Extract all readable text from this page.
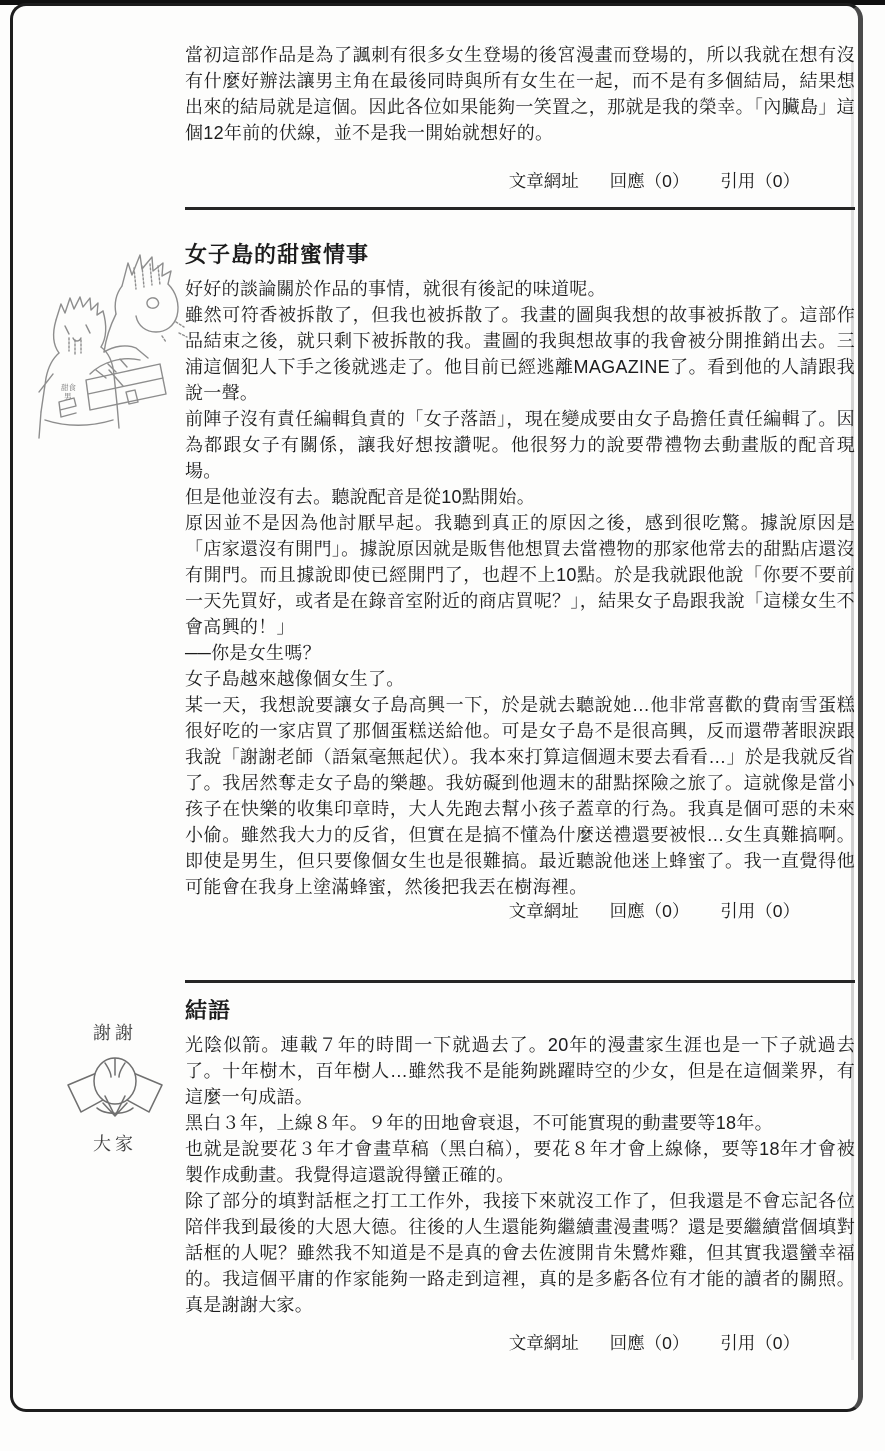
當初這部作品是為了諷刺有很多女生登場的後宮漫畫而登場的，所以我就在想有沒有什麼好辦法讓男主角在最後同時與所有女生在一起，而不是有多個結局，結果想出來的結局就是這個。因此各位如果能夠一笑置之，那就是我的榮幸。「內臟島」這個12年前的伏線，並不是我一開始就想好的。

文章網址 回應（0） 引用（0）
甜食
男
女子島的甜蜜情事

好好的談論關於作品的事情，就很有後記的味道呢。

雖然可符香被拆散了，但我也被拆散了。我畫的圖與我想的故事被拆散了。這部作品結束之後，就只剩下被拆散的我。畫圖的我與想故事的我會被分開推銷出去。三浦這個犯人下手之後就逃走了。他目前已經逃離MAGAZINE了。看到他的人請跟我說一聲。

前陣子沒有責任編輯負責的「女子落語」，現在變成要由女子島擔任責任編輯了。因為都跟女子有關係，讓我好想按讚呢。他很努力的說要帶禮物去動畫版的配音現場。

但是他並沒有去。聽說配音是從10點開始。

原因並不是因為他討厭早起。我聽到真正的原因之後，感到很吃驚。據說原因是「店家還沒有開門」。據說原因就是販售他想買去當禮物的那家他常去的甜點店還沒有開門。而且據說即使已經開門了，也趕不上10點。於是我就跟他說「你要不要前一天先買好，或者是在錄音室附近的商店買呢？」，結果女子島跟我說「這樣女生不會高興的！」

──你是女生嗎？

女子島越來越像個女生了。

某一天，我想說要讓女子島高興一下，於是就去聽說她…他非常喜歡的費南雪蛋糕很好吃的一家店買了那個蛋糕送給他。可是女子島不是很高興，反而還帶著眼淚跟我說「謝謝老師（語氣毫無起伏）。我本來打算這個週末要去看看…」於是我就反省了。我居然奪走女子島的樂趣。我妨礙到他週末的甜點探險之旅了。這就像是當小孩子在快樂的收集印章時，大人先跑去幫小孩子蓋章的行為。我真是個可惡的未來小偷。雖然我大力的反省，但實在是搞不懂為什麼送禮還要被恨…女生真難搞啊。即使是男生，但只要像個女生也是很難搞。最近聽說他迷上蜂蜜了。我一直覺得他可能會在我身上塗滿蜂蜜，然後把我丟在樹海裡。

文章網址 回應（0） 引用（0）
謝謝
大家
結語

光陰似箭。連載７年的時間一下就過去了。20年的漫畫家生涯也是一下子就過去了。十年樹木，百年樹人…雖然我不是能夠跳躍時空的少女，但是在這個業界，有這麼一句成語。

黑白３年，上線８年。９年的田地會衰退，不可能實現的動畫要等18年。

也就是說要花３年才會畫草稿（黑白稿），要花８年才會上線條，要等18年才會被製作成動畫。我覺得這還說得蠻正確的。

除了部分的填對話框之打工工作外，我接下來就沒工作了，但我還是不會忘記各位陪伴我到最後的大恩大德。往後的人生還能夠繼續畫漫畫嗎？還是要繼續當個填對話框的人呢？雖然我不知道是不是真的會去佐渡開肯朱鷺炸雞，但其實我還蠻幸福的。我這個平庸的作家能夠一路走到這裡，真的是多虧各位有才能的讀者的關照。真是謝謝大家。

文章網址 回應（0） 引用（0）
